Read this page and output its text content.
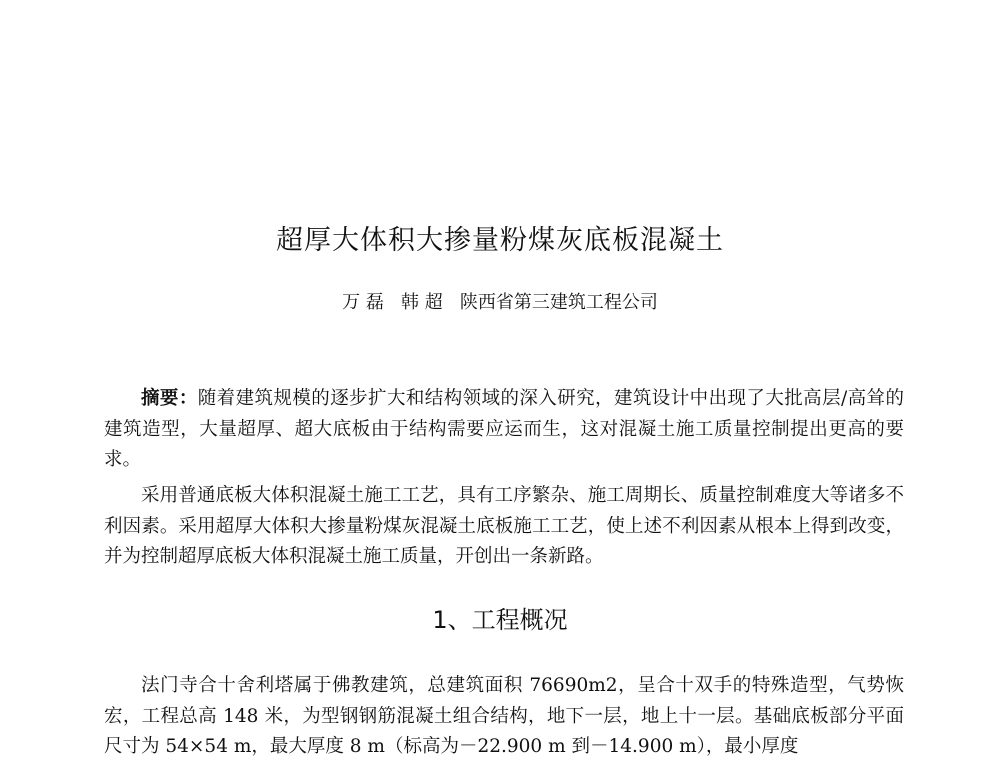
超厚大体积大掺量粉煤灰底板混凝土
万 磊   韩 超   陕西省第三建筑工程公司

摘要：随着建筑规模的逐步扩大和结构领域的深入研究，建筑设计中出现了大批高层/高耸的建筑造型，大量超厚、超大底板由于结构需要应运而生，这对混凝土施工质量控制提出更高的要求。

采用普通底板大体积混凝土施工工艺，具有工序繁杂、施工周期长、质量控制难度大等诸多不利因素。采用超厚大体积大掺量粉煤灰混凝土底板施工工艺，使上述不利因素从根本上得到改变，并为控制超厚底板大体积混凝土施工质量，开创出一条新路。

1、工程概况

法门寺合十舍利塔属于佛教建筑，总建筑面积 76690m2，呈合十双手的特殊造型，气势恢宏，工程总高 148 米，为型钢钢筋混凝土组合结构，地下一层，地上十一层。基础底板部分平面尺寸为 54×54 m，最大厚度 8 m（标高为－22.900 m 到－14.900 m），最小厚度
